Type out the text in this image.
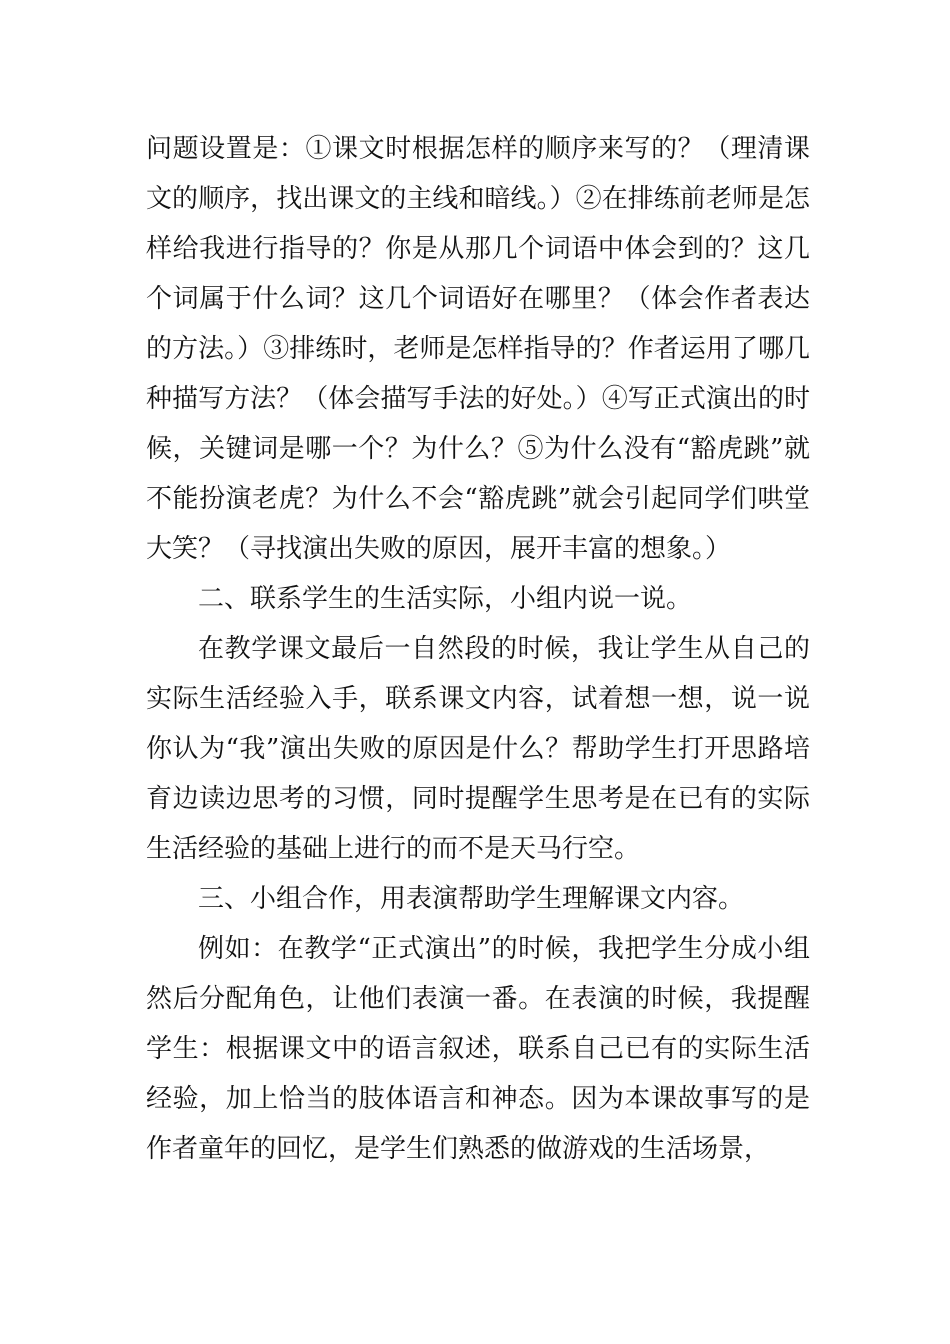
问题设置是：①课文时根据怎样的顺序来写的？（理清课文的顺序，找出课文的主线和暗线。）②在排练前老师是怎样给我进行指导的？你是从那几个词语中体会到的？这几个词属于什么词？这几个词语好在哪里？（体会作者表达的方法。）③排练时，老师是怎样指导的？作者运用了哪几种描写方法？（体会描写手法的好处。）④写正式演出的时候，关键词是哪一个？为什么？⑤为什么没有“豁虎跳”就不能扮演老虎？为什么不会“豁虎跳”就会引起同学们哄堂大笑？（寻找演出失败的原因，展开丰富的想象。）

二、联系学生的生活实际，小组内说一说。

在教学课文最后一自然段的时候，我让学生从自己的实际生活经验入手，联系课文内容，试着想一想，说一说你认为“我”演出失败的原因是什么？帮助学生打开思路培育边读边思考的习惯，同时提醒学生思考是在已有的实际生活经验的基础上进行的而不是天马行空。

三、小组合作，用表演帮助学生理解课文内容。

例如：在教学“正式演出”的时候，我把学生分成小组然后分配角色，让他们表演一番。在表演的时候，我提醒学生：根据课文中的语言叙述，联系自己已有的实际生活经验，加上恰当的肢体语言和神态。因为本课故事写的是作者童年的回忆，是学生们熟悉的做游戏的生活场景，
